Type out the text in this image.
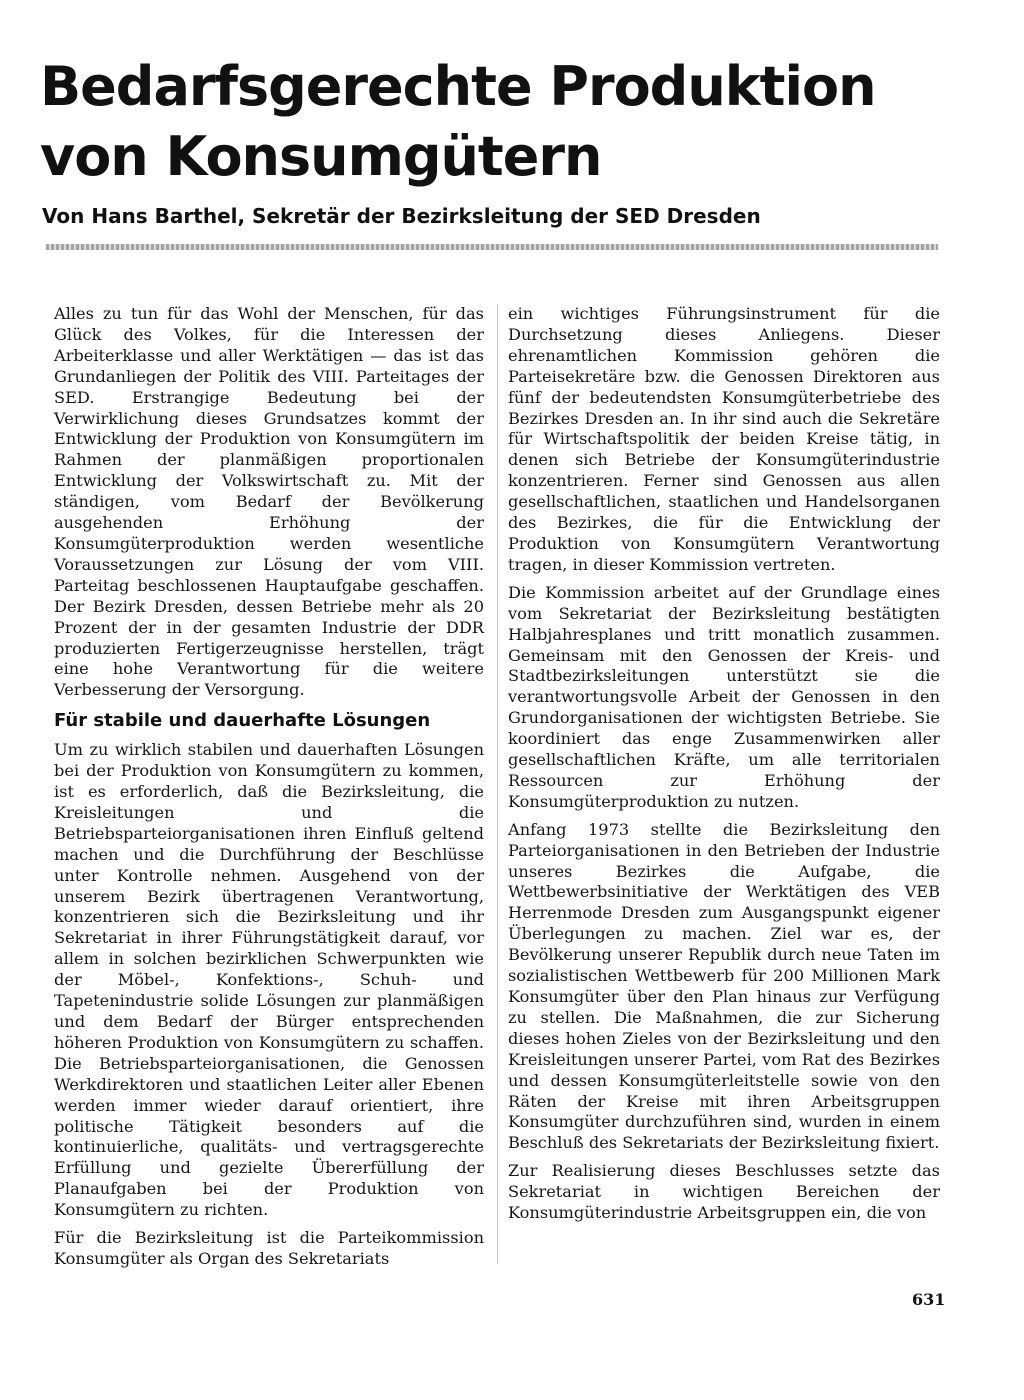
Bedarfsgerechte Produktion von Konsumgütern

Von Hans Barthel, Sekretär der Bezirksleitung der SED Dresden

Alles zu tun für das Wohl der Menschen, für das Glück des Volkes, für die Interessen der Arbeiterklasse und aller Werktätigen — das ist das Grundanliegen der Politik des VIII. Parteitages der SED. Erstrangige Bedeutung bei der Verwirklichung dieses Grundsatzes kommt der Entwicklung der Produktion von Konsumgütern im Rahmen der planmäßigen proportionalen Entwicklung der Volkswirtschaft zu. Mit der ständigen, vom Bedarf der Bevölkerung ausgehenden Erhöhung der Konsumgüterproduktion werden wesentliche Voraussetzungen zur Lösung der vom VIII. Parteitag beschlossenen Hauptaufgabe geschaffen. Der Bezirk Dresden, dessen Betriebe mehr als 20 Prozent der in der gesamten Industrie der DDR produzierten Fertigerzeugnisse herstellen, trägt eine hohe Verantwortung für die weitere Verbesserung der Versorgung.

Für stabile und dauerhafte Lösungen

Um zu wirklich stabilen und dauerhaften Lösungen bei der Produktion von Konsumgütern zu kommen, ist es erforderlich, daß die Bezirksleitung, die Kreisleitungen und die Betriebsparteiorganisationen ihren Einfluß geltend machen und die Durchführung der Beschlüsse unter Kontrolle nehmen. Ausgehend von der unserem Bezirk übertragenen Verantwortung, konzentrieren sich die Bezirksleitung und ihr Sekretariat in ihrer Führungstätigkeit darauf, vor allem in solchen bezirklichen Schwerpunkten wie der Möbel-, Konfektions-, Schuh- und Tapetenindustrie solide Lösungen zur planmäßigen und dem Bedarf der Bürger entsprechenden höheren Produktion von Konsumgütern zu schaffen. Die Betriebsparteiorganisationen, die Genossen Werkdirektoren und staatlichen Leiter aller Ebenen werden immer wieder darauf orientiert, ihre politische Tätigkeit besonders auf die kontinuierliche, qualitäts- und vertragsgerechte Erfüllung und gezielte Übererfüllung der Planaufgaben bei der Produktion von Konsumgütern zu richten.

Für die Bezirksleitung ist die Parteikommission Konsumgüter als Organ des Sekretariats

ein wichtiges Führungsinstrument für die Durchsetzung dieses Anliegens. Dieser ehrenamtlichen Kommission gehören die Parteisekretäre bzw. die Genossen Direktoren aus fünf der bedeutendsten Konsumgüterbetriebe des Bezirkes Dresden an. In ihr sind auch die Sekretäre für Wirtschaftspolitik der beiden Kreise tätig, in denen sich Betriebe der Konsumgüterindustrie konzentrieren. Ferner sind Genossen aus allen gesellschaftlichen, staatlichen und Handelsorganen des Bezirkes, die für die Entwicklung der Produktion von Konsumgütern Verantwortung tragen, in dieser Kommission vertreten.

Die Kommission arbeitet auf der Grundlage eines vom Sekretariat der Bezirksleitung bestätigten Halbjahresplanes und tritt monatlich zusammen. Gemeinsam mit den Genossen der Kreis- und Stadtbezirksleitungen unterstützt sie die verantwortungsvolle Arbeit der Genossen in den Grundorganisationen der wichtigsten Betriebe. Sie koordiniert das enge Zusammenwirken aller gesellschaftlichen Kräfte, um alle territorialen Ressourcen zur Erhöhung der Konsumgüterproduktion zu nutzen.

Anfang 1973 stellte die Bezirksleitung den Parteiorganisationen in den Betrieben der Industrie unseres Bezirkes die Aufgabe, die Wettbewerbsinitiative der Werktätigen des VEB Herrenmode Dresden zum Ausgangspunkt eigener Überlegungen zu machen. Ziel war es, der Bevölkerung unserer Republik durch neue Taten im sozialistischen Wettbewerb für 200 Millionen Mark Konsumgüter über den Plan hinaus zur Verfügung zu stellen. Die Maßnahmen, die zur Sicherung dieses hohen Zieles von der Bezirksleitung und den Kreisleitungen unserer Partei, vom Rat des Bezirkes und dessen Konsumgüterleitstelle sowie von den Räten der Kreise mit ihren Arbeitsgruppen Konsumgüter durchzuführen sind, wurden in einem Beschluß des Sekretariats der Bezirksleitung fixiert.

Zur Realisierung dieses Beschlusses setzte das Sekretariat in wichtigen Bereichen der Konsumgüterindustrie Arbeitsgruppen ein, die von

631
